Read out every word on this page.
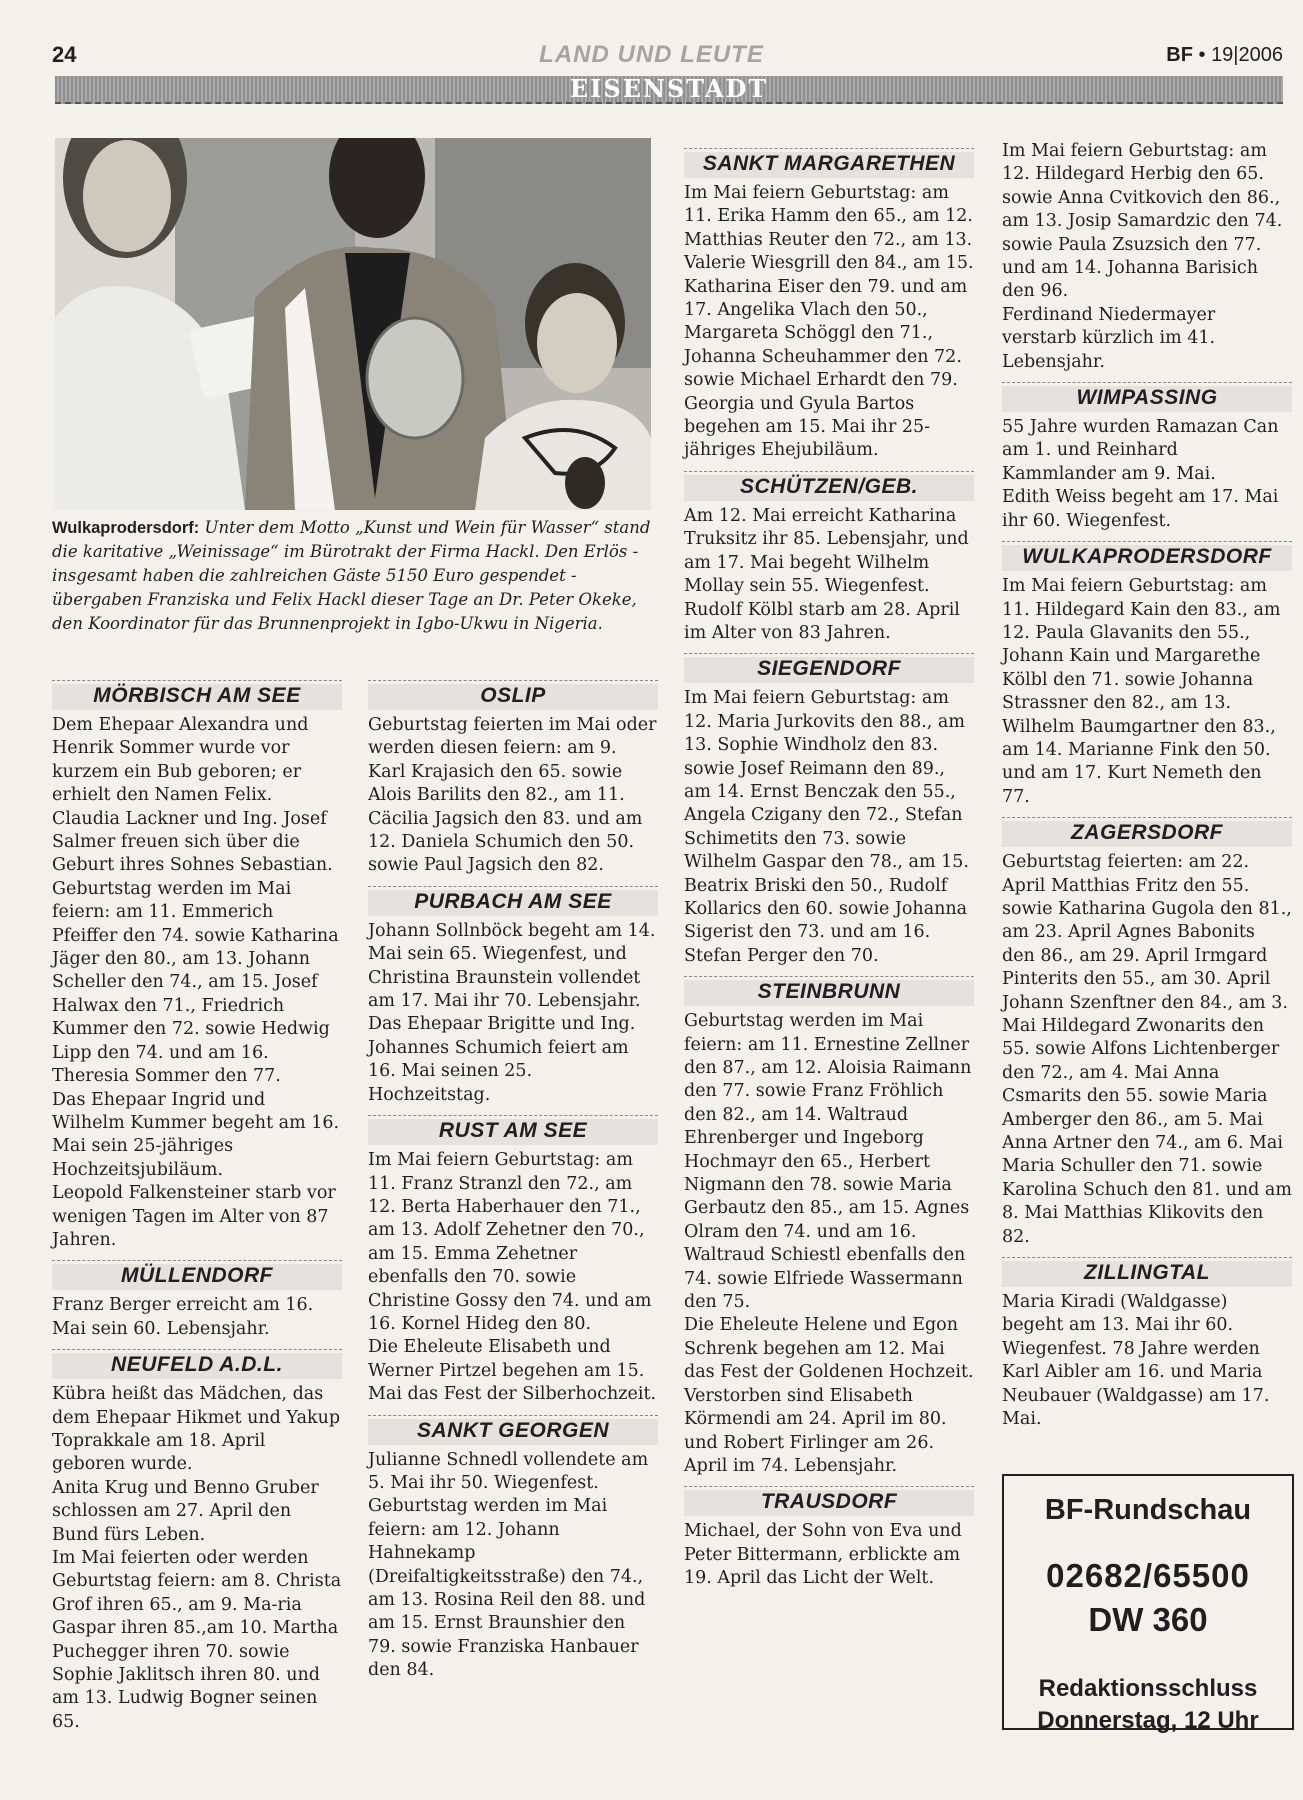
24	LAND UND LEUTE	BF • 19|2006
EISENSTADT
Wulkaprodersdorf: Unter dem Motto „Kunst und Wein für Wasser“ stand die karitative „Weinissage“ im Bürotrakt der Firma Hackl. Den Erlös - insgesamt haben die zahlreichen Gäste 5150 Euro gespendet - übergaben Franziska und Felix Hackl dieser Tage an Dr. Peter Okeke, den Koordinator für das Brunnenprojekt in Igbo-Ukwu in Nigeria.
MÖRBISCH AM SEE

Dem Ehepaar Alexandra und Henrik Sommer wurde vor kurzem ein Bub geboren; er erhielt den Namen Felix. Claudia Lackner und Ing. Josef Salmer freuen sich über die Geburt ihres Sohnes Sebastian.

Geburtstag werden im Mai feiern: am 11. Emmerich Pfeiffer den 74. sowie Katharina Jäger den 80., am 13. Johann Scheller den 74., am 15. Josef Halwax den 71., Friedrich Kummer den 72. sowie Hedwig Lipp den 74. und am 16. Theresia Sommer den 77.

Das Ehepaar Ingrid und Wilhelm Kummer begeht am 16. Mai sein 25-jähriges Hochzeitsjubiläum.

Leopold Falkensteiner starb vor wenigen Tagen im Alter von 87 Jahren.

MÜLLENDORF

Franz Berger erreicht am 16. Mai sein 60. Lebensjahr.

NEUFELD A.D.L.

Kübra heißt das Mädchen, das dem Ehepaar Hikmet und Yakup Toprakkale am 18. April geboren wurde.

Anita Krug und Benno Gruber schlossen am 27. April den Bund fürs Leben.

Im Mai feierten oder werden Geburtstag feiern: am 8. Christa Grof ihren 65., am 9. Ma-ria Gaspar ihren 85.,am 10. Martha Puchegger ihren 70. sowie Sophie Jaklitsch ihren 80. und am 13. Ludwig Bogner seinen 65.

OSLIP

Geburtstag feierten im Mai oder werden diesen feiern: am 9. Karl Krajasich den 65. sowie Alois Barilits den 82., am 11. Cäcilia Jagsich den 83. und am 12. Daniela Schumich den 50. sowie Paul Jagsich den 82.

PURBACH AM SEE

Johann Sollnböck begeht am 14. Mai sein 65. Wiegenfest, und Christina Braunstein vollendet am 17. Mai ihr 70. Lebensjahr.

Das Ehepaar Brigitte und Ing. Johannes Schumich feiert am 16. Mai seinen 25. Hochzeitstag.

RUST AM SEE

Im Mai feiern Geburtstag: am 11. Franz Stranzl den 72., am 12. Berta Haberhauer den 71., am 13. Adolf Zehetner den 70., am 15. Emma Zehetner ebenfalls den 70. sowie Christine Gossy den 74. und am 16. Kornel Hideg den 80.

Die Eheleute Elisabeth und Werner Pirtzel begehen am 15. Mai das Fest der Silberhochzeit.

SANKT GEORGEN

Julianne Schnedl vollendete am 5. Mai ihr 50. Wiegenfest.

Geburtstag werden im Mai feiern: am 12. Johann Hahnekamp (Dreifaltigkeitsstraße) den 74., am 13. Rosina Reil den 88. und am 15. Ernst Braunshier den 79. sowie Franziska Hanbauer den 84.

SANKT MARGARETHEN

Im Mai feiern Geburtstag: am 11. Erika Hamm den 65., am 12. Matthias Reuter den 72., am 13. Valerie Wiesgrill den 84., am 15. Katharina Eiser den 79. und am 17. Angelika Vlach den 50., Margareta Schöggl den 71., Johanna Scheuhammer den 72. sowie Michael Erhardt den 79.

Georgia und Gyula Bartos begehen am 15. Mai ihr 25-jähriges Ehejubiläum.

SCHÜTZEN/GEB.

Am 12. Mai erreicht Katharina Truksitz ihr 85. Lebensjahr, und am 17. Mai begeht Wilhelm Mollay sein 55. Wiegenfest.

Rudolf Kölbl starb am 28. April im Alter von 83 Jahren.

SIEGENDORF

Im Mai feiern Geburtstag: am 12. Maria Jurkovits den 88., am 13. Sophie Windholz den 83. sowie Josef Reimann den 89., am 14. Ernst Benczak den 55., Angela Czigany den 72., Stefan Schimetits den 73. sowie Wilhelm Gaspar den 78., am 15. Beatrix Briski den 50., Rudolf Kollarics den 60. sowie Johanna Sigerist den 73. und am 16. Stefan Perger den 70.

STEINBRUNN

Geburtstag werden im Mai feiern: am 11. Ernestine Zellner den 87., am 12. Aloisia Raimann den 77. sowie Franz Fröhlich den 82., am 14. Waltraud Ehrenberger und Ingeborg Hochmayr den 65., Herbert Nigmann den 78. sowie Maria Gerbautz den 85., am 15. Agnes Olram den 74. und am 16. Waltraud Schiestl ebenfalls den 74. sowie Elfriede Wassermann den 75.

Die Eheleute Helene und Egon Schrenk begehen am 12. Mai das Fest der Goldenen Hochzeit.

Verstorben sind Elisabeth Körmendi am 24. April im 80. und Robert Firlinger am 26. April im 74. Lebensjahr.

TRAUSDORF

Michael, der Sohn von Eva und Peter Bittermann, erblickte am 19. April das Licht der Welt.

Im Mai feiern Geburtstag: am 12. Hildegard Herbig den 65. sowie Anna Cvitkovich den 86., am 13. Josip Samardzic den 74. sowie Paula Zsuzsich den 77. und am 14. Johanna Barisich den 96.

Ferdinand Niedermayer verstarb kürzlich im 41. Lebensjahr.

WIMPASSING

55 Jahre wurden Ramazan Can am 1. und Reinhard Kammlander am 9. Mai.

Edith Weiss begeht am 17. Mai ihr 60. Wiegenfest.

WULKAPRODERSDORF

Im Mai feiern Geburtstag: am 11. Hildegard Kain den 83., am 12. Paula Glavanits den 55., Johann Kain und Margarethe Kölbl den 71. sowie Johanna Strassner den 82., am 13. Wilhelm Baumgartner den 83., am 14. Marianne Fink den 50. und am 17. Kurt Nemeth den 77.

ZAGERSDORF

Geburtstag feierten: am 22. April Matthias Fritz den 55. sowie Katharina Gugola den 81., am 23. April Agnes Babonits den 86., am 29. April Irmgard Pinterits den 55., am 30. April Johann Szenftner den 84., am 3. Mai Hildegard Zwonarits den 55. sowie Alfons Lichtenberger den 72., am 4. Mai Anna Csmarits den 55. sowie Maria Amberger den 86., am 5. Mai Anna Artner den 74., am 6. Mai Maria Schuller den 71. sowie Karolina Schuch den 81. und am 8. Mai Matthias Klikovits den 82.

ZILLINGTAL

Maria Kiradi (Waldgasse) begeht am 13. Mai ihr 60. Wiegenfest. 78 Jahre werden Karl Aibler am 16. und Maria Neubauer (Waldgasse) am 17. Mai.

BF-Rundschau
02682/65500
DW 360
Redaktionsschluss
Donnerstag, 12 Uhr
